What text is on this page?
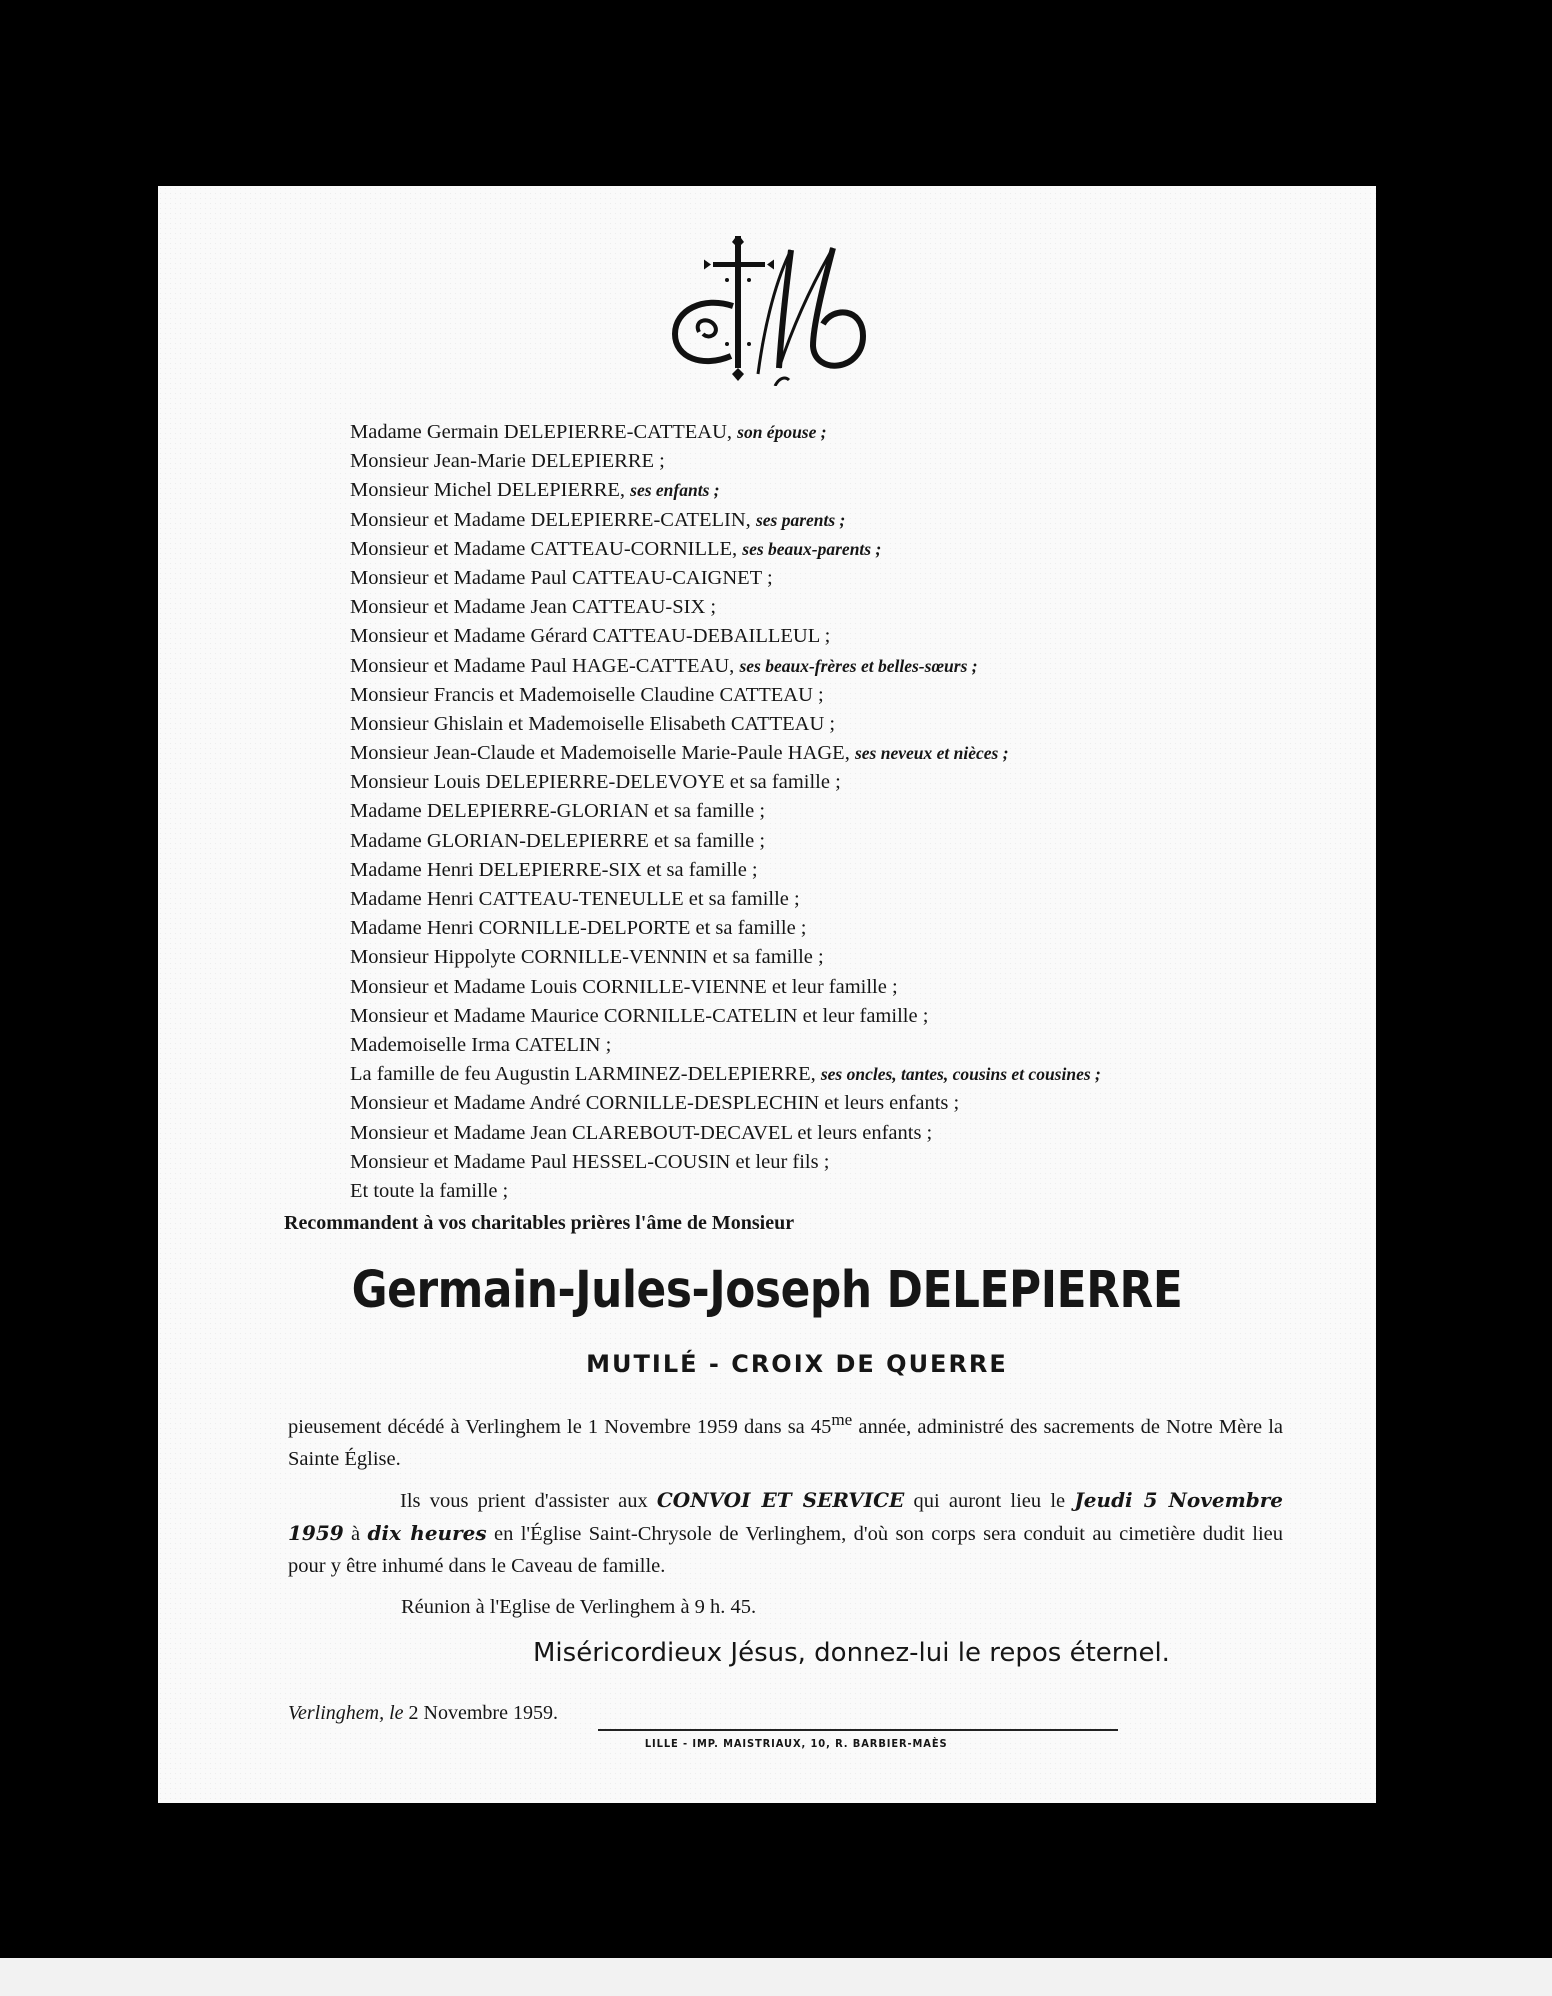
Madame Germain DELEPIERRE-CATTEAU, son épouse ;
Monsieur Jean-Marie DELEPIERRE ;
Monsieur Michel DELEPIERRE, ses enfants ;
Monsieur et Madame DELEPIERRE-CATELIN, ses parents ;
Monsieur et Madame CATTEAU-CORNILLE, ses beaux-parents ;
Monsieur et Madame Paul CATTEAU-CAIGNET ;
Monsieur et Madame Jean CATTEAU-SIX ;
Monsieur et Madame Gérard CATTEAU-DEBAILLEUL ;
Monsieur et Madame Paul HAGE-CATTEAU, ses beaux-frères et belles-sœurs ;
Monsieur Francis et Mademoiselle Claudine CATTEAU ;
Monsieur Ghislain et Mademoiselle Elisabeth CATTEAU ;
Monsieur Jean-Claude et Mademoiselle Marie-Paule HAGE, ses neveux et nièces ;
Monsieur Louis DELEPIERRE-DELEVOYE et sa famille ;
Madame DELEPIERRE-GLORIAN et sa famille ;
Madame GLORIAN-DELEPIERRE et sa famille ;
Madame Henri DELEPIERRE-SIX et sa famille ;
Madame Henri CATTEAU-TENEULLE et sa famille ;
Madame Henri CORNILLE-DELPORTE et sa famille ;
Monsieur Hippolyte CORNILLE-VENNIN et sa famille ;
Monsieur et Madame Louis CORNILLE-VIENNE et leur famille ;
Monsieur et Madame Maurice CORNILLE-CATELIN et leur famille ;
Mademoiselle Irma CATELIN ;
La famille de feu Augustin LARMINEZ-DELEPIERRE, ses oncles, tantes, cousins et cousines ;
Monsieur et Madame André CORNILLE-DESPLECHIN et leurs enfants ;
Monsieur et Madame Jean CLAREBOUT-DECAVEL et leurs enfants ;
Monsieur et Madame Paul HESSEL-COUSIN et leur fils ;
Et toute la famille ;
Recommandent à vos charitables prières l'âme de Monsieur
Germain-Jules-Joseph DELEPIERRE
MUTILÉ - CROIX DE QUERRE
pieusement décédé à Verlinghem le 1 Novembre 1959 dans sa $45^{me}$ année, administré des sacrements de Notre Mère la Sainte Église.
Ils vous prient d'assister aux CONVOI ET SERVICE qui auront lieu le Jeudi 5 Novembre 1959 à dix heures en l'Église Saint-Chrysole de Verlinghem, d'où son corps sera conduit au cimetière dudit lieu pour y être inhumé dans le Caveau de famille.
Réunion à l'Eglise de Verlinghem à 9 h. 45.
Miséricordieux Jésus, donnez-lui le repos éternel.
Verlinghem, le 2 Novembre 1959.
LILLE - IMP. MAISTRIAUX, 10, R. BARBIER-MAÈS
